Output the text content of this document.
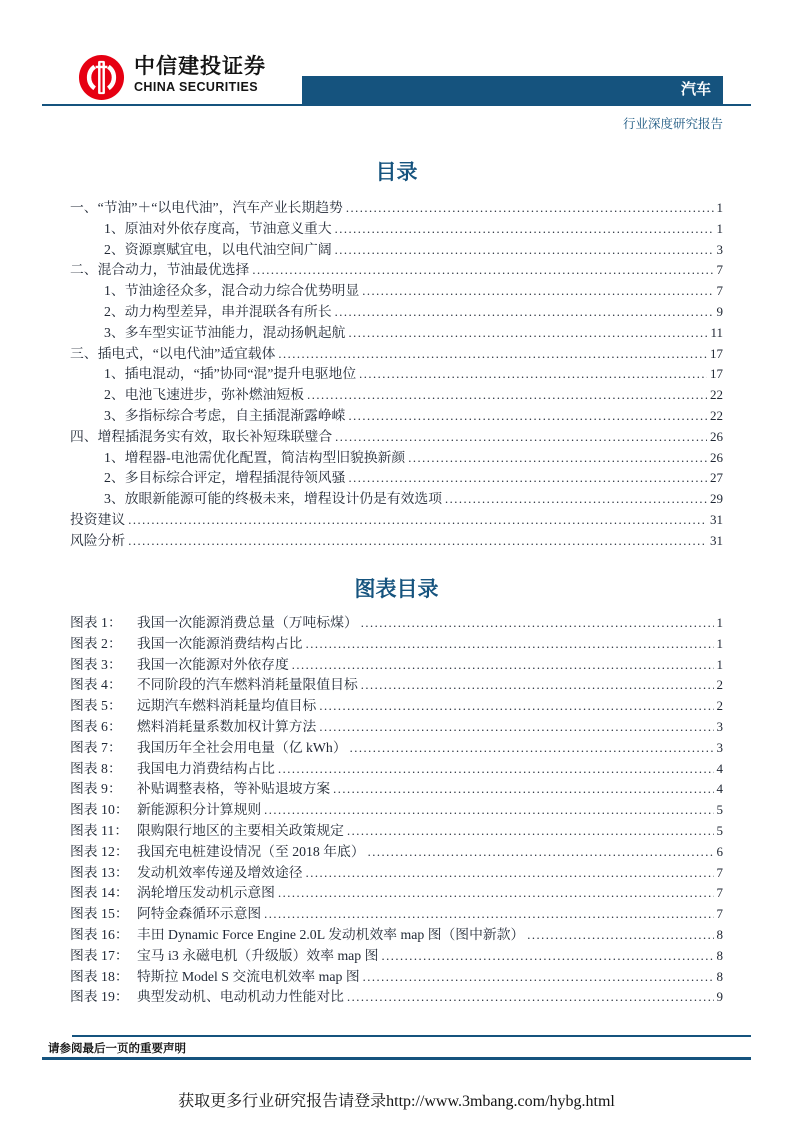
中信建投证券
CHINA SECURITIES	汽车
行业深度研究报告
目录
一、“节油”＋“以电代油”，汽车产业长期趋势 .....	1
1、原油对外依存度高，节油意义重大 .....	1
2、资源禀赋宜电，以电代油空间广阔 .....	3
二、混合动力，节油最优选择 .....	7
1、节油途径众多，混合动力综合优势明显 .....	7
2、动力构型差异，串并混联各有所长 .....	9
3、多车型实证节油能力，混动扬帆起航 .....	11
三、插电式，“以电代油”适宜载体 .....	17
1、插电混动，“插”协同“混”提升电驱地位 .....	17
2、电池飞速进步，弥补燃油短板 .....	22
3、多指标综合考虑，自主插混渐露峥嵘 .....	22
四、增程插混务实有效，取长补短珠联璧合 .....	26
1、增程器-电池需优化配置，简洁构型旧貌换新颜 .....	26
2、多目标综合评定，增程插混待领风骚 .....	27
3、放眼新能源可能的终极未来，增程设计仍是有效选项 .....	29
投资建议 .....	31
风险分析 .....	31
图表目录
图表 1：	我国一次能源消费总量（万吨标煤） .....	1
图表 2：	我国一次能源消费结构占比 .....	1
图表 3：	我国一次能源对外依存度 .....	1
图表 4：	不同阶段的汽车燃料消耗量限值目标 .....	2
图表 5：	远期汽车燃料消耗量均值目标 .....	2
图表 6：	燃料消耗量系数加权计算方法 .....	3
图表 7：	我国历年全社会用电量（亿 kWh） .....	3
图表 8：	我国电力消费结构占比 .....	4
图表 9：	补贴调整表格，等补贴退坡方案 .....	4
图表 10： 新能源积分计算规则 .....	5
图表 11： 限购限行地区的主要相关政策规定 .....	5
图表 12： 我国充电桩建设情况（至 2018 年底） .....	6
图表 13： 发动机效率传递及增效途径 .....	7
图表 14： 涡轮增压发动机示意图 .....	7
图表 15： 阿特金森循环示意图 .....	7
图表 16： 丰田 Dynamic Force Engine 2.0L 发动机效率 map 图（图中新款） .....	8
图表 17： 宝马 i3 永磁电机（升级版）效率 map 图 .....	8
图表 18： 特斯拉 Model S 交流电机效率 map 图 .....	8
图表 19： 典型发动机、电动机动力性能对比 .....	9
请参阅最后一页的重要声明
获取更多行业研究报告请登录http://www.3mbang.com/hybg.html
